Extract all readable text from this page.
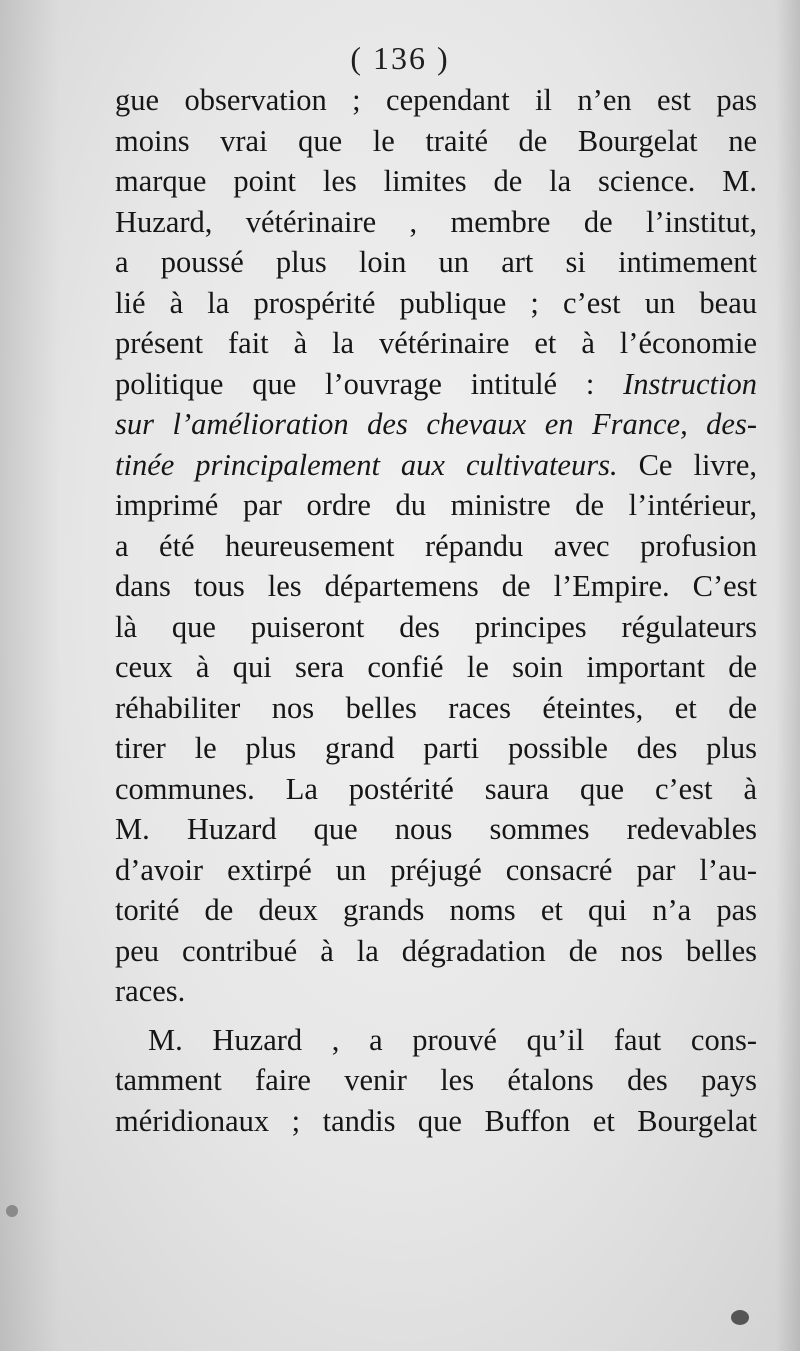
( 136 )
gue observation ; cependant il n’en est pas
moins vrai que le traité de Bourgelat ne
marque point les limites de la science. M.
Huzard, vétérinaire , membre de l’institut,
a poussé plus loin un art si intimement
lié à la prospérité publique ; c’est un beau
présent fait à la vétérinaire et à l’économie
politique que l’ouvrage intitulé : Instruction
sur l’amélioration des chevaux en France, des-
tinée principalement aux cultivateurs. Ce livre,
imprimé par ordre du ministre de l’intérieur,
a été heureusement répandu avec profusion
dans tous les départemens de l’Empire. C’est
là que puiseront des principes régulateurs
ceux à qui sera confié le soin important de
réhabiliter nos belles races éteintes, et de
tirer le plus grand parti possible des plus
communes. La postérité saura que c’est à
M. Huzard que nous sommes redevables
d’avoir extirpé un préjugé consacré par l’au-
torité de deux grands noms et qui n’a pas
peu contribué à la dégradation de nos belles
races.
M. Huzard , a prouvé qu’il faut cons-
tamment faire venir les étalons des pays
méridionaux ; tandis que Buffon et Bourgelat
